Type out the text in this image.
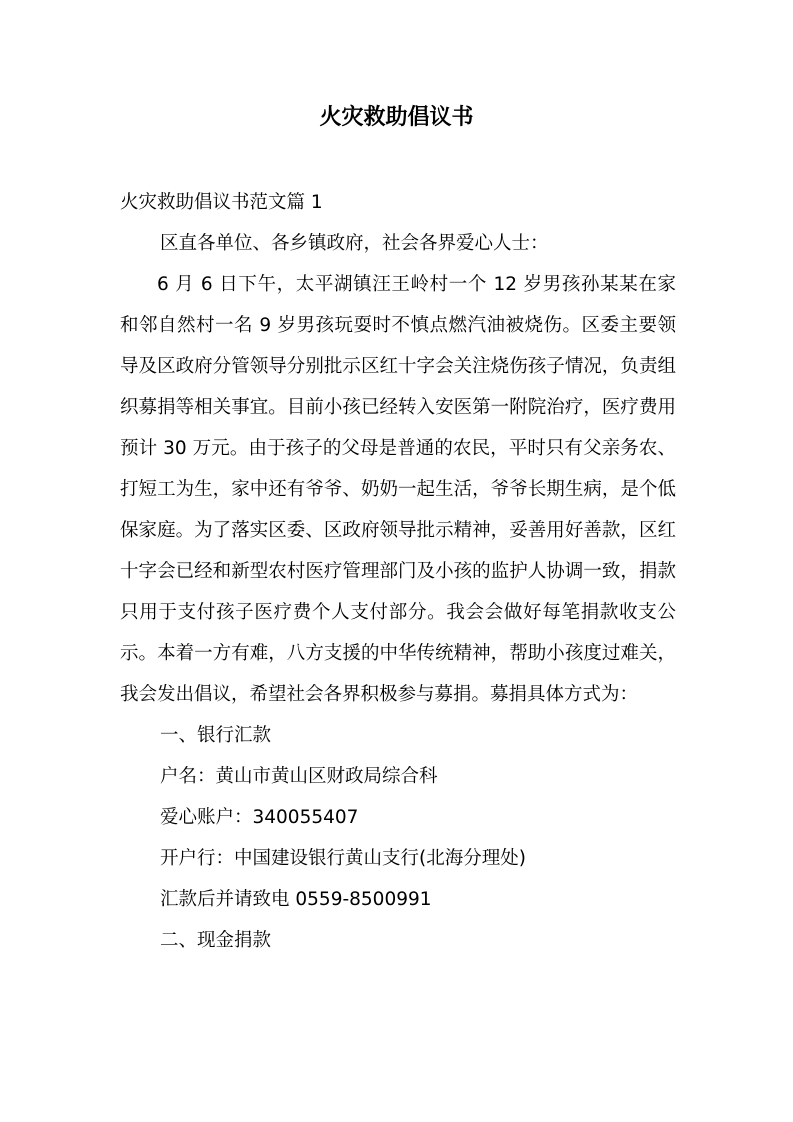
火灾救助倡议书

火灾救助倡议书范文篇 1

区直各单位、各乡镇政府，社会各界爱心人士：

6 月 6 日下午，太平湖镇汪王岭村一个 12 岁男孩孙某某在家和邻自然村一名 9 岁男孩玩耍时不慎点燃汽油被烧伤。区委主要领导及区政府分管领导分别批示区红十字会关注烧伤孩子情况，负责组织募捐等相关事宜。目前小孩已经转入安医第一附院治疗，医疗费用预计 30 万元。由于孩子的父母是普通的农民，平时只有父亲务农、打短工为生，家中还有爷爷、奶奶一起生活，爷爷长期生病，是个低保家庭。为了落实区委、区政府领导批示精神，妥善用好善款，区红十字会已经和新型农村医疗管理部门及小孩的监护人协调一致，捐款只用于支付孩子医疗费个人支付部分。我会会做好每笔捐款收支公示。本着一方有难，八方支援的中华传统精神，帮助小孩度过难关，我会发出倡议，希望社会各界积极参与募捐。募捐具体方式为：

一、银行汇款

户名：黄山市黄山区财政局综合科

爱心账户：340055407

开户行：中国建设银行黄山支行(北海分理处)

汇款后并请致电 0559-8500991

二、现金捐款
